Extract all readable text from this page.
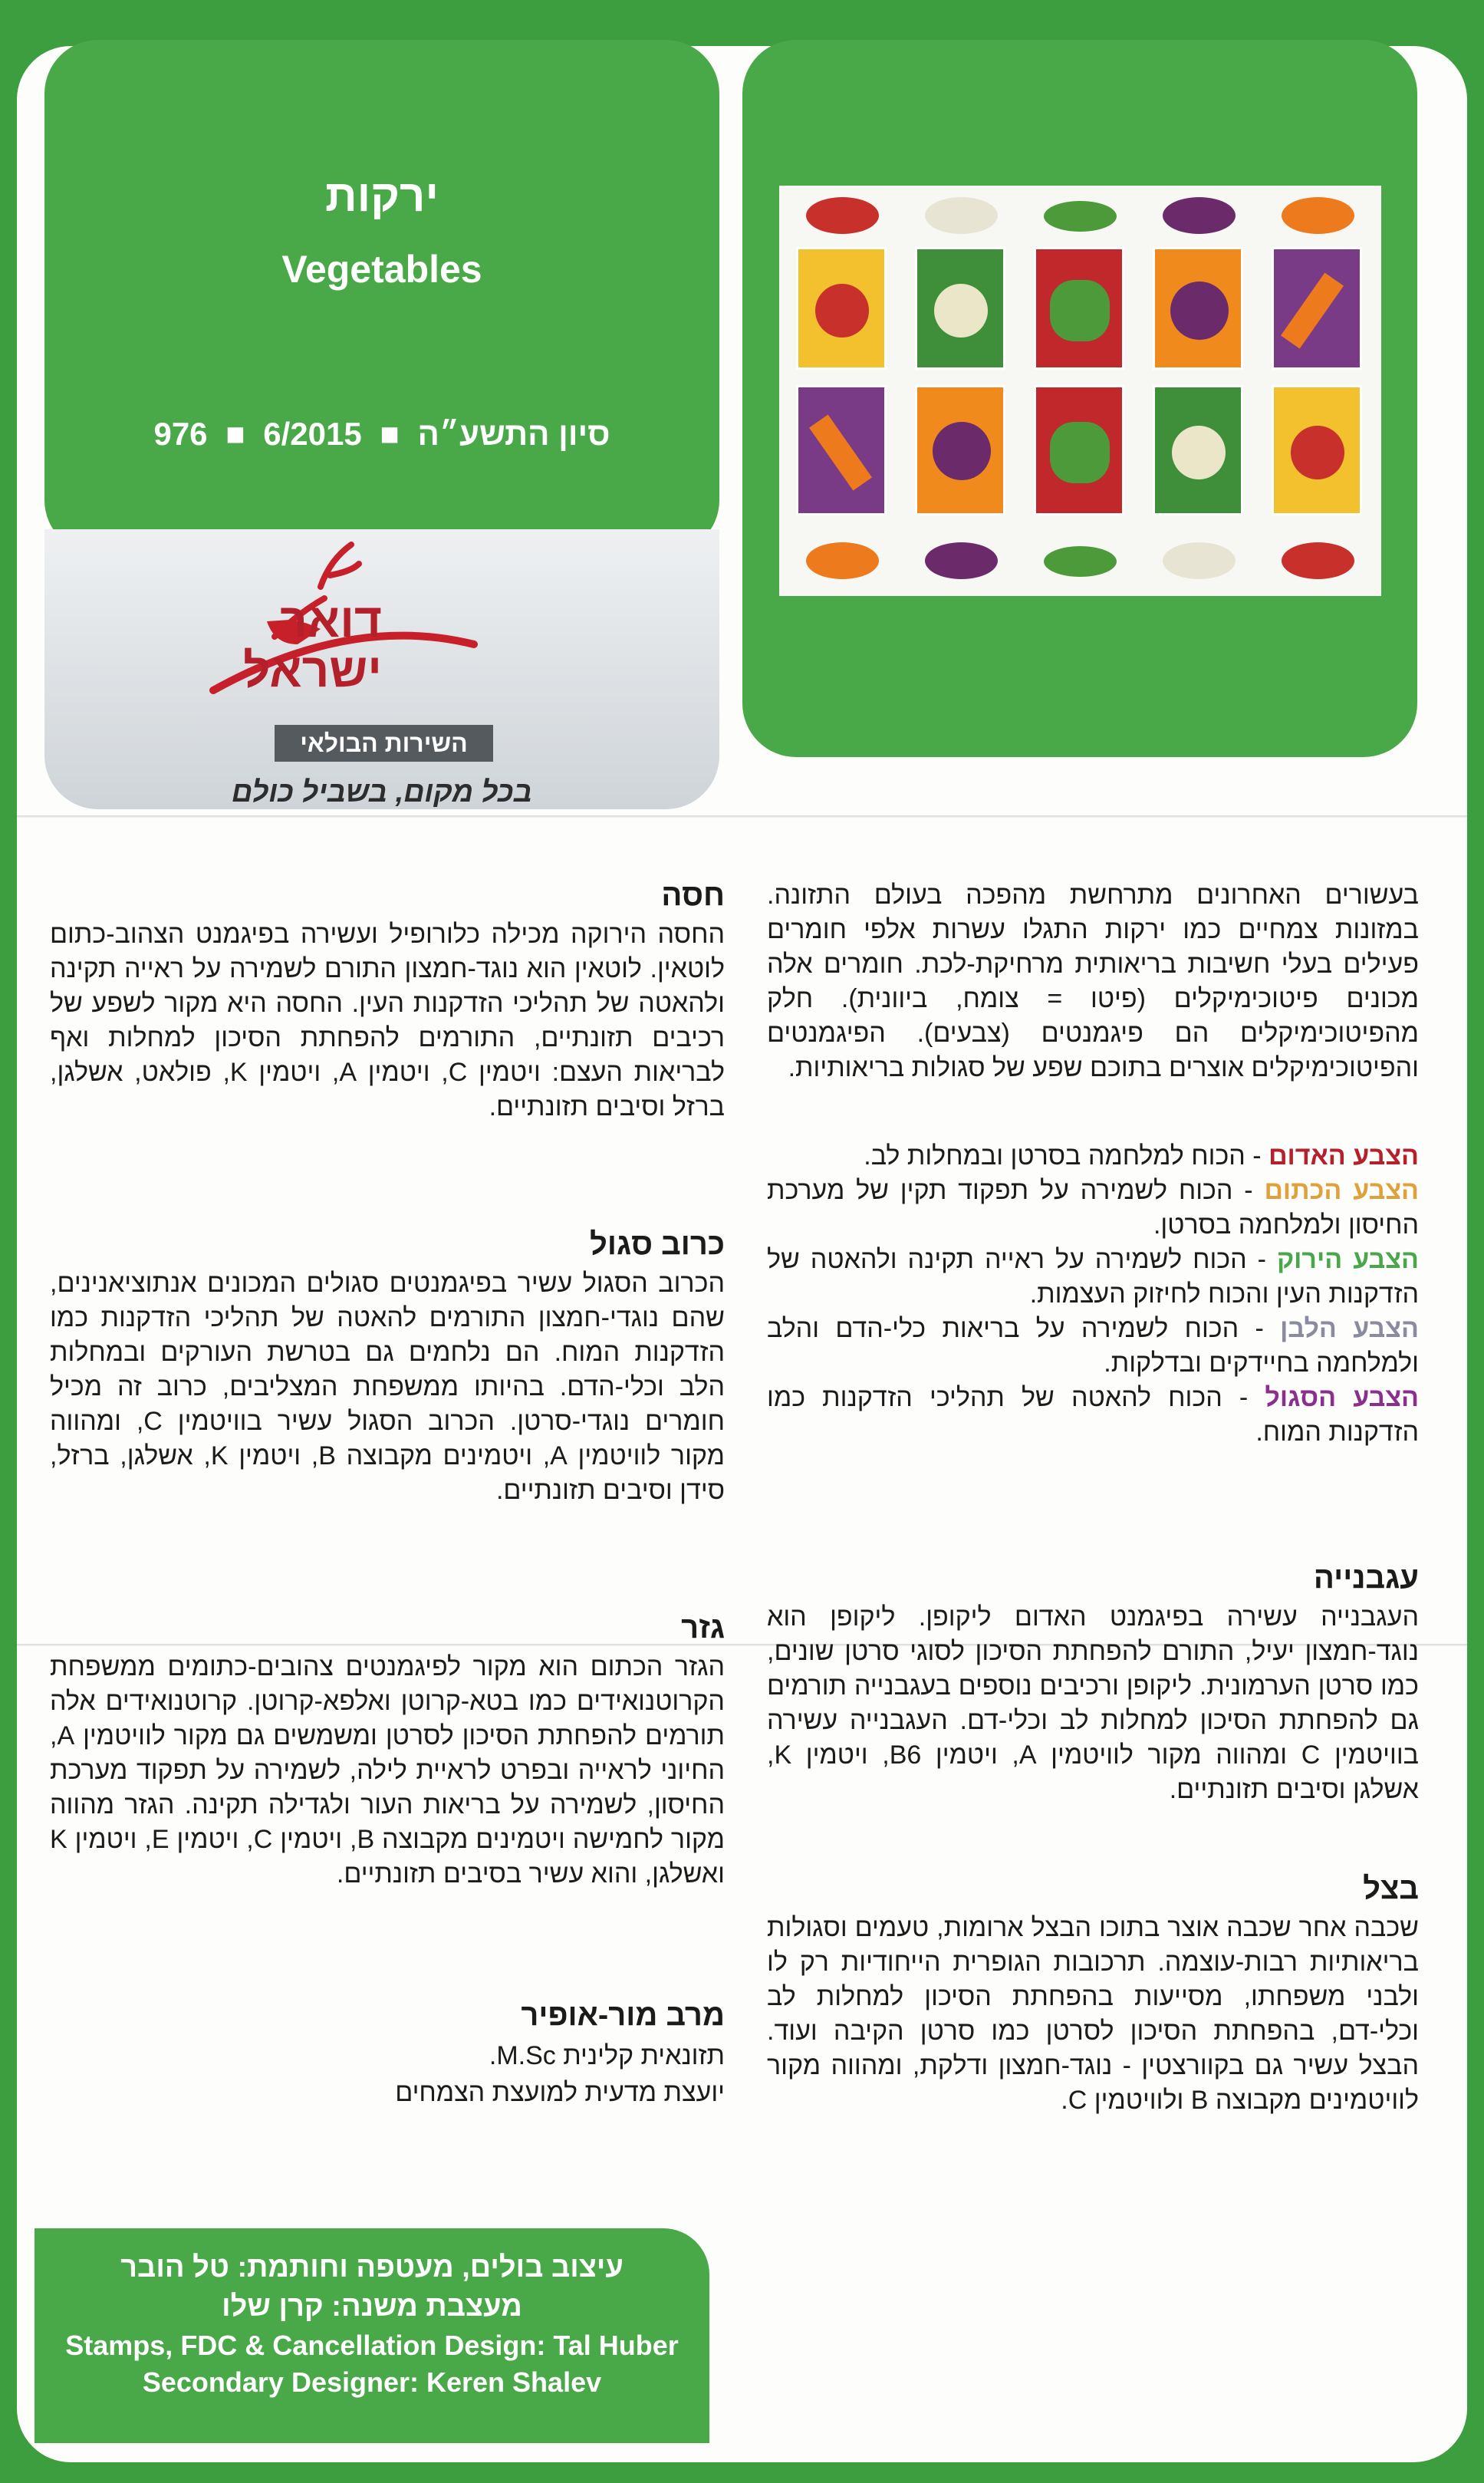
ירקות
Vegetables
סיון התשע״ה ■ 6/2015 ■ 976
דואר
ישראל
השירות הבולאי
בכל מקום, בשביל כולם

בעשורים האחרונים מתרחשת מהפכה בעולם התזונה. במזונות צמחיים כמו ירקות התגלו עשרות אלפי חומרים פעילים בעלי חשיבות בריאותית מרחיקת-לכת. חומרים אלה מכונים פיטוכימיקלים (פיטו = צומח, ביוונית). חלק מהפיטוכימיקלים הם פיגמנטים (צבעים). הפיגמנטים והפיטוכימיקלים אוצרים בתוכם שפע של סגולות בריאותיות.

הצבע האדום - הכוח למלחמה בסרטן ובמחלות לב.

הצבע הכתום - הכוח לשמירה על תפקוד תקין של מערכת החיסון ולמלחמה בסרטן.

הצבע הירוק - הכוח לשמירה על ראייה תקינה ולהאטה של הזדקנות העין והכוח לחיזוק העצמות.

הצבע הלבן - הכוח לשמירה על בריאות כלי-הדם והלב ולמלחמה בחיידקים ובדלקות.

הצבע הסגול - הכוח להאטה של תהליכי הזדקנות כמו הזדקנות המוח.

עגבנייה

העגבנייה עשירה בפיגמנט האדום ליקופן. ליקופן הוא נוגד-חמצון יעיל, התורם להפחתת הסיכון לסוגי סרטן שונים, כמו סרטן הערמונית. ליקופן ורכיבים נוספים בעגבנייה תורמים גם להפחתת הסיכון למחלות לב וכלי-דם. העגבנייה עשירה בוויטמין C ומהווה מקור לוויטמין A, ויטמין B6, ויטמין K, אשלגן וסיבים תזונתיים.

בצל

שכבה אחר שכבה אוצר בתוכו הבצל ארומות, טעמים וסגולות בריאותיות רבות-עוצמה. תרכובות הגופרית הייחודיות רק לו ולבני משפחתו, מסייעות בהפחתת הסיכון למחלות לב וכלי-דם, בהפחתת הסיכון לסרטן כמו סרטן הקיבה ועוד. הבצל עשיר גם בקוורצטין - נוגד-חמצון ודלקת, ומהווה מקור לוויטמינים מקבוצה B ולוויטמין C.

חסה

החסה הירוקה מכילה כלורופיל ועשירה בפיגמנט הצהוב-כתום לוטאין. לוטאין הוא נוגד-חמצון התורם לשמירה על ראייה תקינה ולהאטה של תהליכי הזדקנות העין. החסה היא מקור לשפע של רכיבים תזונתיים, התורמים להפחתת הסיכון למחלות ואף לבריאות העצם: ויטמין C, ויטמין A, ויטמין K, פולאט, אשלגן, ברזל וסיבים תזונתיים.

כרוב סגול

הכרוב הסגול עשיר בפיגמנטים סגולים המכונים אנתוציאנינים, שהם נוגדי-חמצון התורמים להאטה של תהליכי הזדקנות כמו הזדקנות המוח. הם נלחמים גם בטרשת העורקים ובמחלות הלב וכלי-הדם. בהיותו ממשפחת המצליבים, כרוב זה מכיל חומרים נוגדי-סרטן. הכרוב הסגול עשיר בוויטמין C, ומהווה מקור לוויטמין A, ויטמינים מקבוצה B, ויטמין K, אשלגן, ברזל, סידן וסיבים תזונתיים.

גזר

הגזר הכתום הוא מקור לפיגמנטים צהובים-כתומים ממשפחת הקרוטנואידים כמו בטא-קרוטן ואלפא-קרוטן. קרוטנואידים אלה תורמים להפחתת הסיכון לסרטן ומשמשים גם מקור לוויטמין A, החיוני לראייה ובפרט לראיית לילה, לשמירה על תפקוד מערכת החיסון, לשמירה על בריאות העור ולגדילה תקינה. הגזר מהווה מקור לחמישה ויטמינים מקבוצה B, ויטמין C, ויטמין E, ויטמין K ואשלגן, והוא עשיר בסיבים תזונתיים.

מרב מור-אופיר

תזונאית קלינית M.Sc.

יועצת מדעית למועצת הצמחים

עיצוב בולים, מעטפה וחותמת: טל הובר
מעצבת משנה: קרן שלו
Stamps, FDC & Cancellation Design: Tal Huber
Secondary Designer: Keren Shalev
